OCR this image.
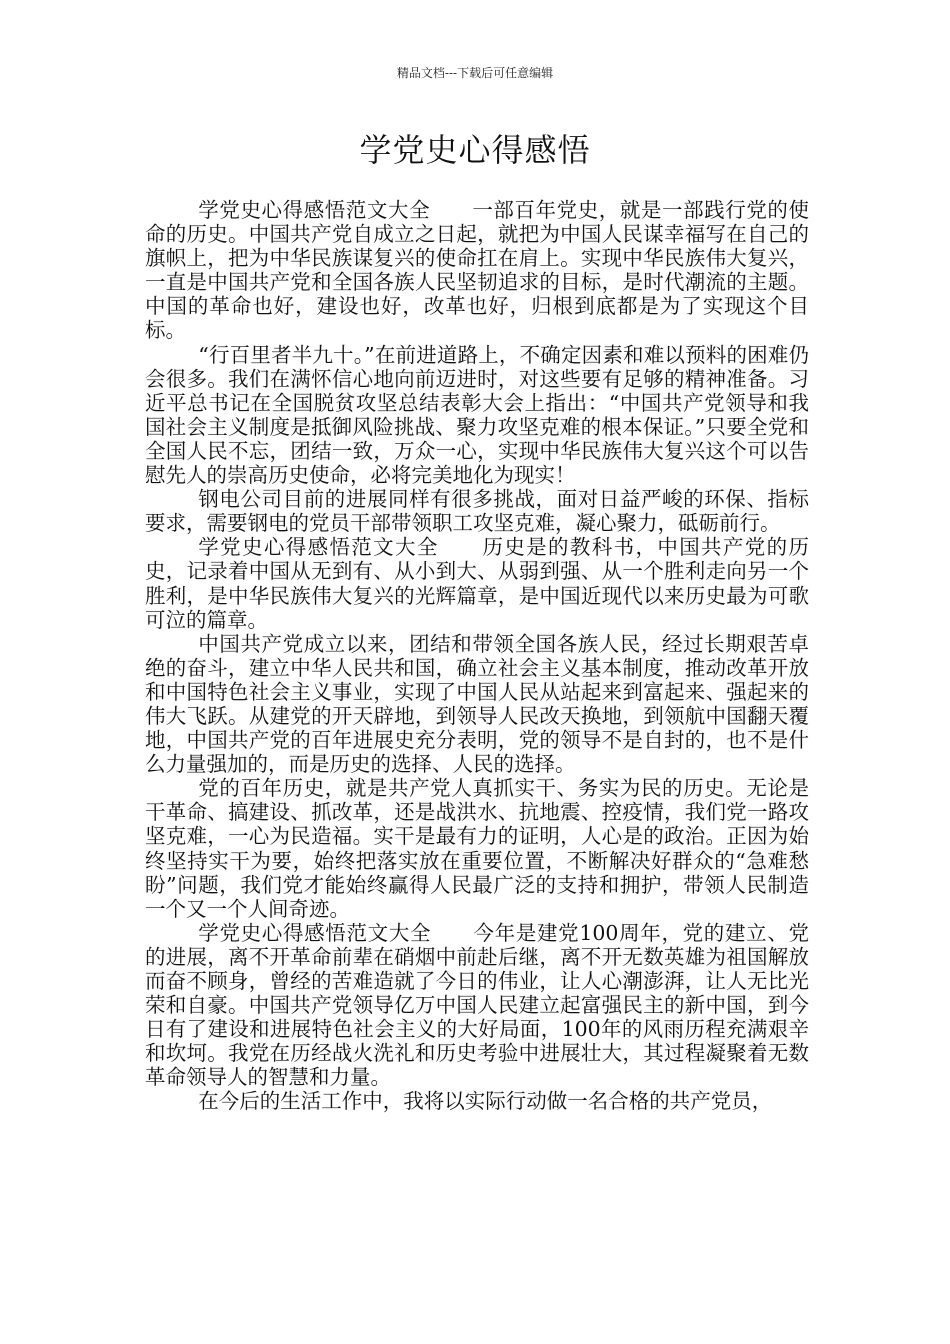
精品文档---下载后可任意编辑
学党史心得感悟

学党史心得感悟范文大全　　一部百年党史，就是一部践行党的使命的历史。中国共产党自成立之日起，就把为中国人民谋幸福写在自己的旗帜上，把为中华民族谋复兴的使命扛在肩上。实现中华民族伟大复兴，一直是中国共产党和全国各族人民坚韧追求的目标，是时代潮流的主题。中国的革命也好，建设也好，改革也好，归根到底都是为了实现这个目标。

“行百里者半九十。”在前进道路上，不确定因素和难以预料的困难仍会很多。我们在满怀信心地向前迈进时，对这些要有足够的精神准备。习近平总书记在全国脱贫攻坚总结表彰大会上指出：“中国共产党领导和我国社会主义制度是抵御风险挑战、聚力攻坚克难的根本保证。”只要全党和全国人民不忘，团结一致，万众一心，实现中华民族伟大复兴这个可以告慰先人的崇高历史使命，必将完美地化为现实！

钢电公司目前的进展同样有很多挑战，面对日益严峻的环保、指标要求，需要钢电的党员干部带领职工攻坚克难，凝心聚力，砥砺前行。

学党史心得感悟范文大全　　历史是的教科书，中国共产党的历史，记录着中国从无到有、从小到大、从弱到强、从一个胜利走向另一个胜利，是中华民族伟大复兴的光辉篇章，是中国近现代以来历史最为可歌可泣的篇章。

中国共产党成立以来，团结和带领全国各族人民，经过长期艰苦卓绝的奋斗，建立中华人民共和国，确立社会主义基本制度，推动改革开放和中国特色社会主义事业，实现了中国人民从站起来到富起来、强起来的伟大飞跃。从建党的开天辟地，到领导人民改天换地，到领航中国翻天覆地，中国共产党的百年进展史充分表明，党的领导不是自封的，也不是什么力量强加的，而是历史的选择、人民的选择。

党的百年历史，就是共产党人真抓实干、务实为民的历史。无论是干革命、搞建设、抓改革，还是战洪水、抗地震、控疫情，我们党一路攻坚克难，一心为民造福。实干是最有力的证明，人心是的政治。正因为始终坚持实干为要，始终把落实放在重要位置，不断解决好群众的“急难愁盼”问题，我们党才能始终赢得人民最广泛的支持和拥护，带领人民制造一个又一个人间奇迹。

学党史心得感悟范文大全　　今年是建党100周年，党的建立、党的进展，离不开革命前辈在硝烟中前赴后继，离不开无数英雄为祖国解放而奋不顾身，曾经的苦难造就了今日的伟业，让人心潮澎湃，让人无比光荣和自豪。中国共产党领导亿万中国人民建立起富强民主的新中国，到今日有了建设和进展特色社会主义的大好局面，100年的风雨历程充满艰辛和坎坷。我党在历经战火洗礼和历史考验中进展壮大，其过程凝聚着无数革命领导人的智慧和力量。

在今后的生活工作中，我将以实际行动做一名合格的共产党员，
